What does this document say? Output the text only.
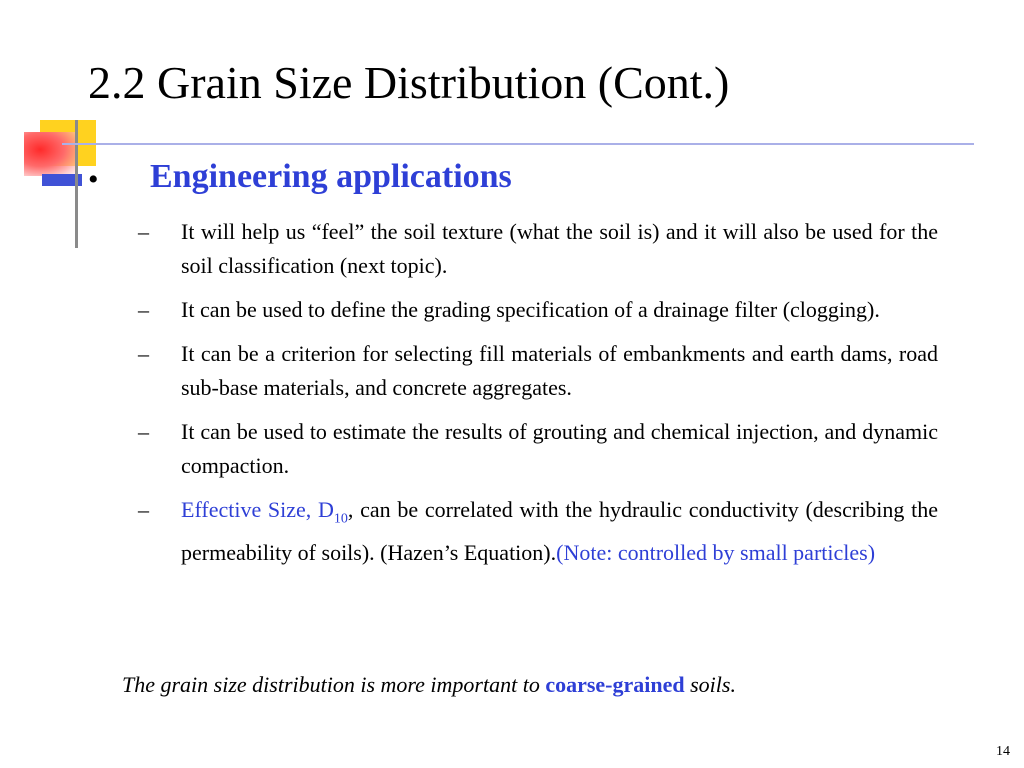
2.2 Grain Size Distribution (Cont.)
• Engineering applications
–	It will help us “feel” the soil texture (what the soil is) and it will also be used for the soil classification (next topic).
–	It can be used to define the grading specification of a drainage filter (clogging).
–	It can be a criterion for selecting fill materials of embankments and earth dams, road sub-base materials, and concrete aggregates.
–	It can be used to estimate the results of grouting and chemical injection, and dynamic compaction.
–	Effective Size, $D_{10}$, can be correlated with the hydraulic conductivity (describing the permeability of soils). (Hazen’s Equation).(Note: controlled by small particles)
The grain size distribution is more important to coarse-grained soils.
14
